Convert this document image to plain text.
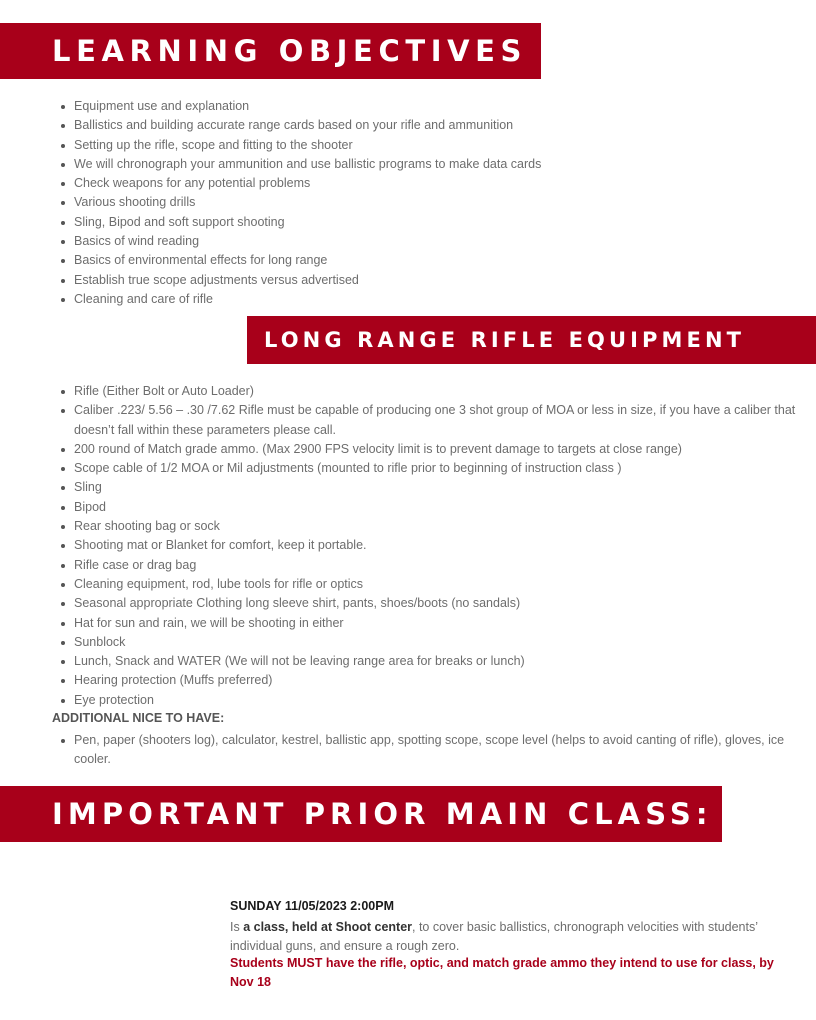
LEARNING OBJECTIVES
Equipment use and explanation
Ballistics and building accurate range cards based on your rifle and ammunition
Setting up the rifle, scope and fitting to the shooter
We will chronograph your ammunition and use ballistic programs to make data cards
Check weapons for any potential problems
Various shooting drills
Sling, Bipod and soft support shooting
Basics of wind reading
Basics of environmental effects for long range
Establish true scope adjustments versus advertised
Cleaning and care of rifle
LONG RANGE RIFLE EQUIPMENT
Rifle (Either Bolt or Auto Loader)
Caliber .223/ 5.56 – .30 /7.62 Rifle must be capable of producing one 3 shot group of MOA or less in size, if you have a caliber that doesn’t fall within these parameters please call.
200 round of Match grade ammo. (Max 2900 FPS velocity limit is to prevent damage to targets at close range)
Scope cable of 1/2 MOA or Mil adjustments (mounted to rifle prior to beginning of instruction class )
Sling
Bipod
Rear shooting bag or sock
Shooting mat or Blanket for comfort, keep it portable.
Rifle case or drag bag
Cleaning equipment, rod, lube tools for rifle or optics
Seasonal appropriate Clothing long sleeve shirt, pants, shoes/boots (no sandals)
Hat for sun and rain, we will be shooting in either
Sunblock
Lunch, Snack and WATER (We will not be leaving range area for breaks or lunch)
Hearing protection (Muffs preferred)
Eye protection
ADDITIONAL NICE TO HAVE:
Pen, paper (shooters log), calculator, kestrel, ballistic app, spotting scope, scope level (helps to avoid canting of rifle), gloves, ice cooler.
IMPORTANT PRIOR MAIN CLASS:
SUNDAY 11/05/2023 2:00PM
Is a class, held at Shoot center, to cover basic ballistics, chronograph velocities with students’ individual guns, and ensure a rough zero.
Students MUST have the rifle, optic, and match grade ammo they intend to use for class, by Nov 18
